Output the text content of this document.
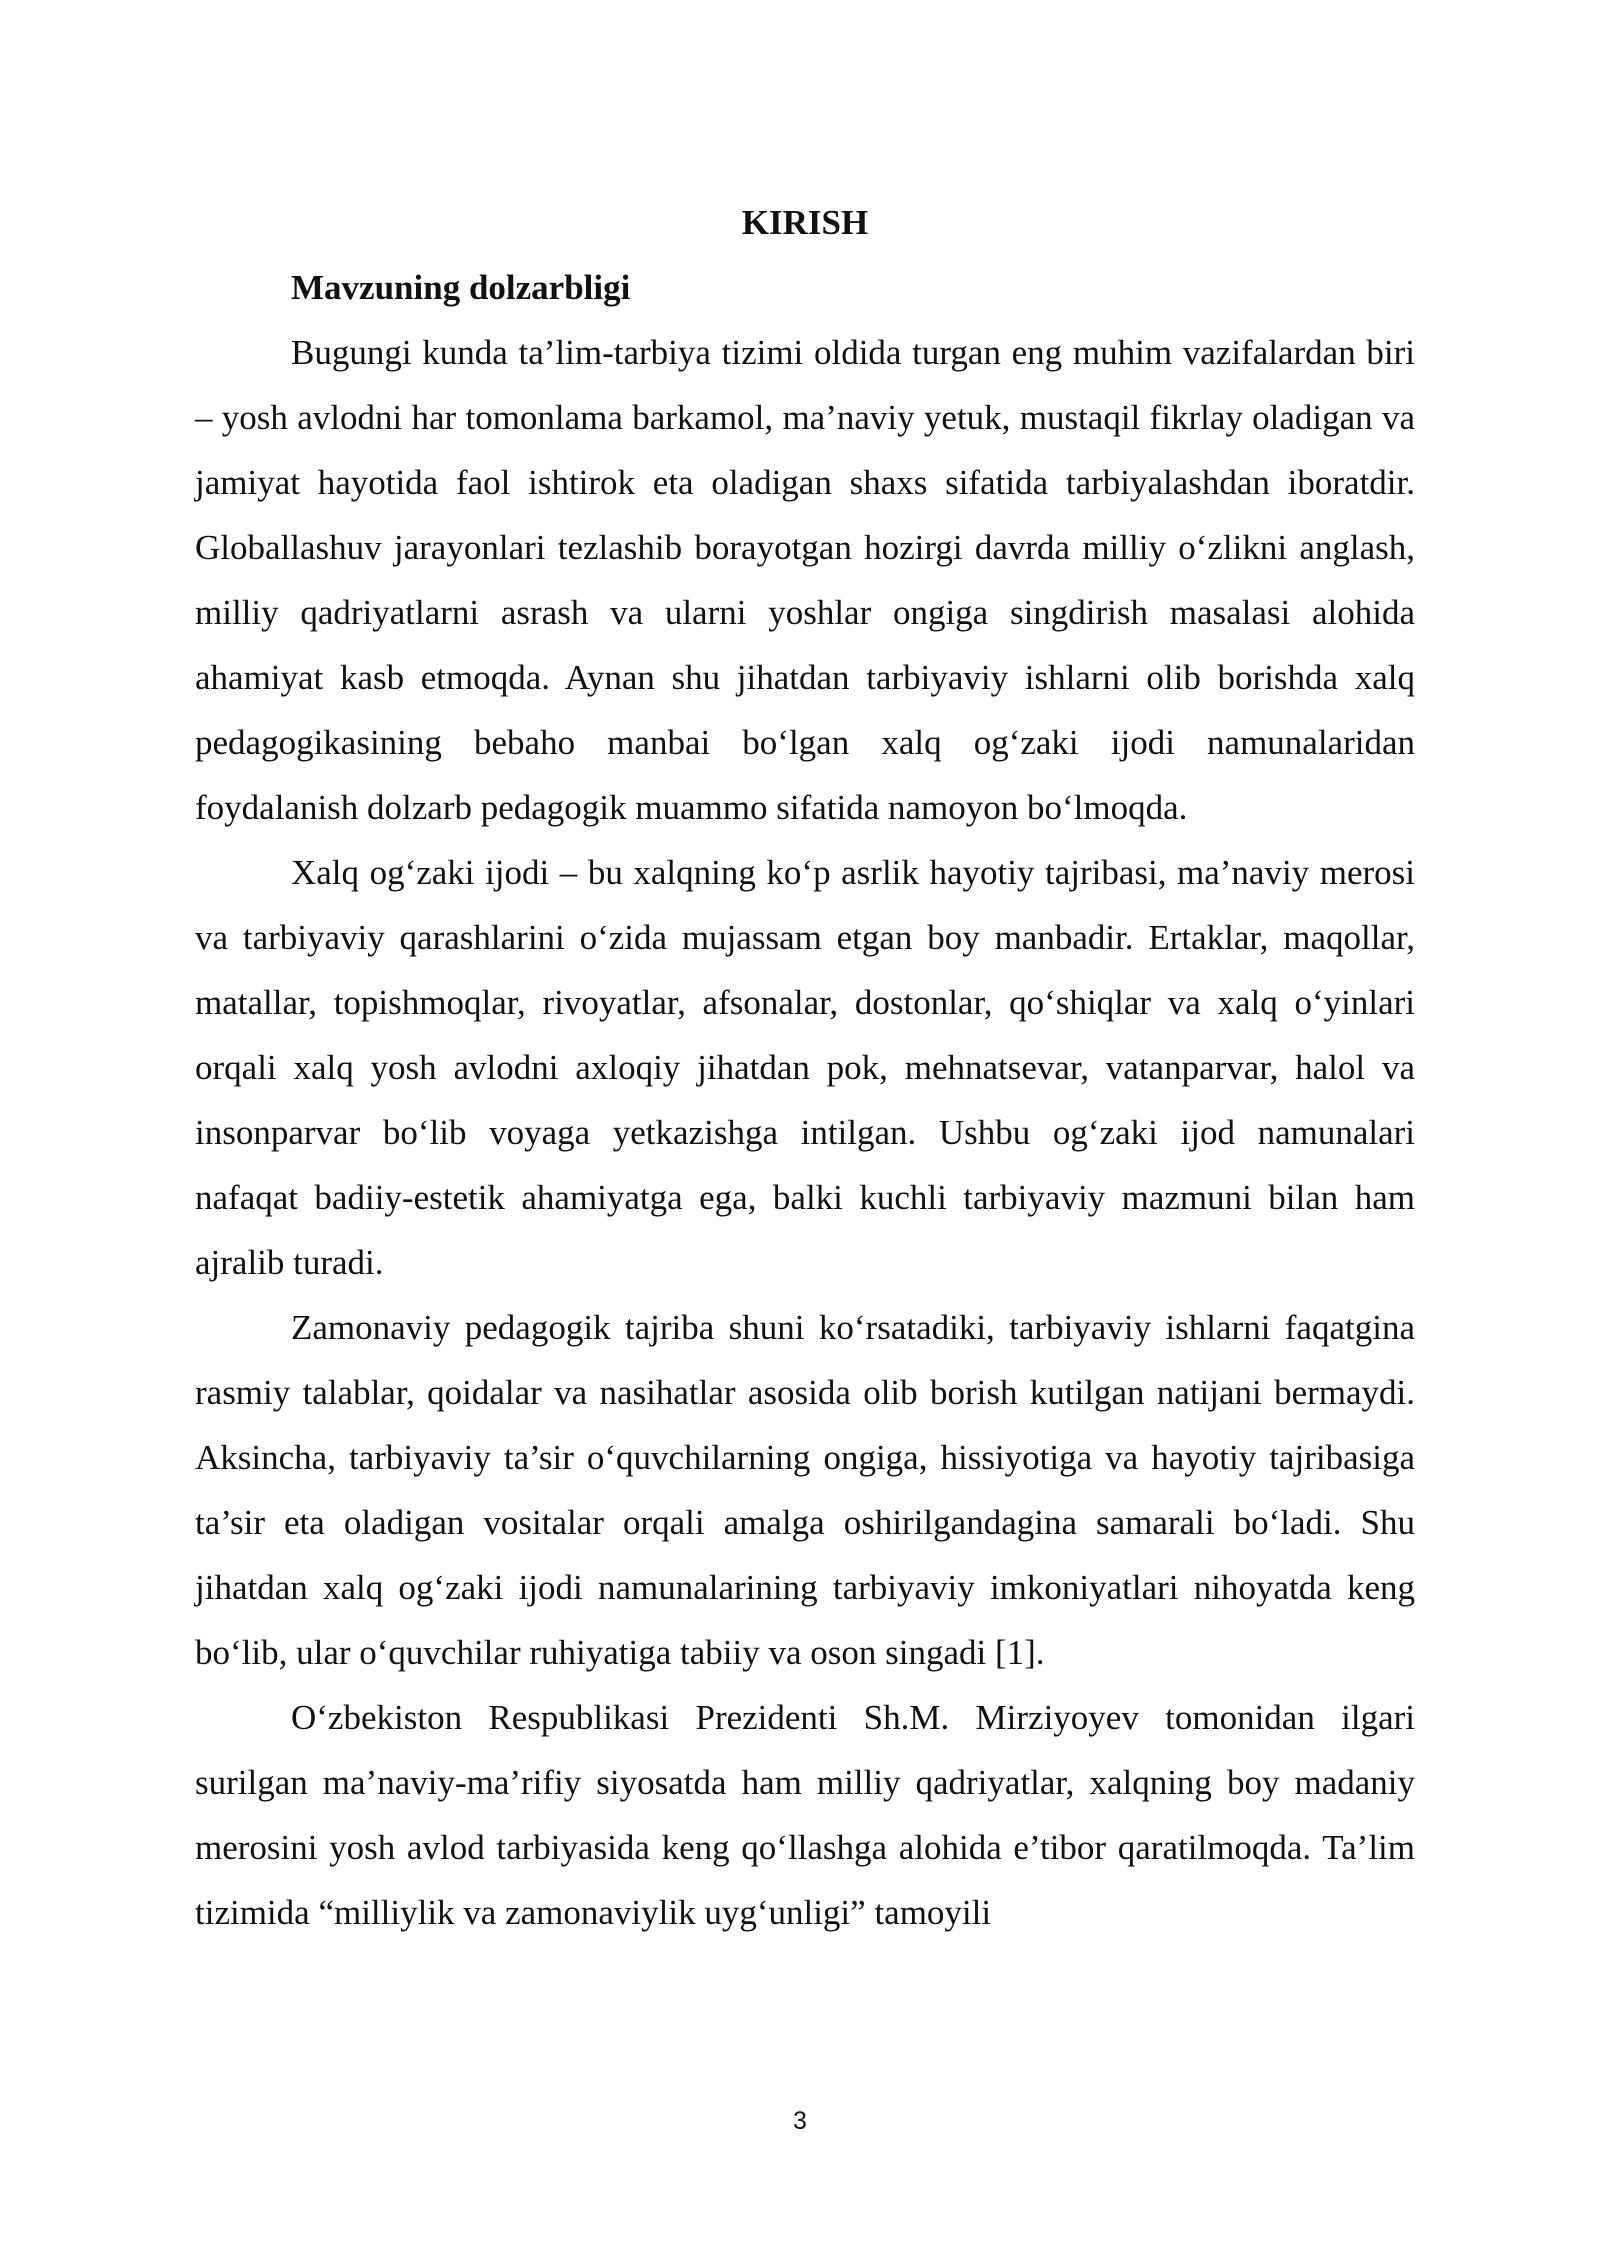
KIRISH
Mavzuning dolzarbligi

Bugungi kunda ta’lim-tarbiya tizimi oldida turgan eng muhim vazifalardan biri – yosh avlodni har tomonlama barkamol, ma’naviy yetuk, mustaqil fikrlay oladigan va jamiyat hayotida faol ishtirok eta oladigan shaxs sifatida tarbiyalashdan iboratdir. Globallashuv jarayonlari tezlashib borayotgan hozirgi davrda milliy o‘zlikni anglash, milliy qadriyatlarni asrash va ularni yoshlar ongiga singdirish masalasi alohida ahamiyat kasb etmoqda. Aynan shu jihatdan tarbiyaviy ishlarni olib borishda xalq pedagogikasining bebaho manbai bo‘lgan xalq og‘zaki ijodi namunalaridan foydalanish dolzarb pedagogik muammo sifatida namoyon bo‘lmoqda.

Xalq og‘zaki ijodi – bu xalqning ko‘p asrlik hayotiy tajribasi, ma’naviy merosi va tarbiyaviy qarashlarini o‘zida mujassam etgan boy manbadir. Ertaklar, maqollar, matallar, topishmoqlar, rivoyatlar, afsonalar, dostonlar, qo‘shiqlar va xalq o‘yinlari orqali xalq yosh avlodni axloqiy jihatdan pok, mehnatsevar, vatanparvar, halol va insonparvar bo‘lib voyaga yetkazishga intilgan. Ushbu og‘zaki ijod namunalari nafaqat badiiy-estetik ahamiyatga ega, balki kuchli tarbiyaviy mazmuni bilan ham ajralib turadi.

Zamonaviy pedagogik tajriba shuni ko‘rsatadiki, tarbiyaviy ishlarni faqatgina rasmiy talablar, qoidalar va nasihatlar asosida olib borish kutilgan natijani bermaydi. Aksincha, tarbiyaviy ta’sir o‘quvchilarning ongiga, hissiyotiga va hayotiy tajribasiga ta’sir eta oladigan vositalar orqali amalga oshirilgandagina samarali bo‘ladi. Shu jihatdan xalq og‘zaki ijodi namunalarining tarbiyaviy imkoniyatlari nihoyatda keng bo‘lib, ular o‘quvchilar ruhiyatiga tabiiy va oson singadi [1].

O‘zbekiston Respublikasi Prezidenti Sh.M. Mirziyoyev tomonidan ilgari surilgan ma’naviy-ma’rifiy siyosatda ham milliy qadriyatlar, xalqning boy madaniy merosini yosh avlod tarbiyasida keng qo‘llashga alohida e’tibor qaratilmoqda. Ta’lim tizimida “milliylik va zamonaviylik uyg‘unligi” tamoyili

3
